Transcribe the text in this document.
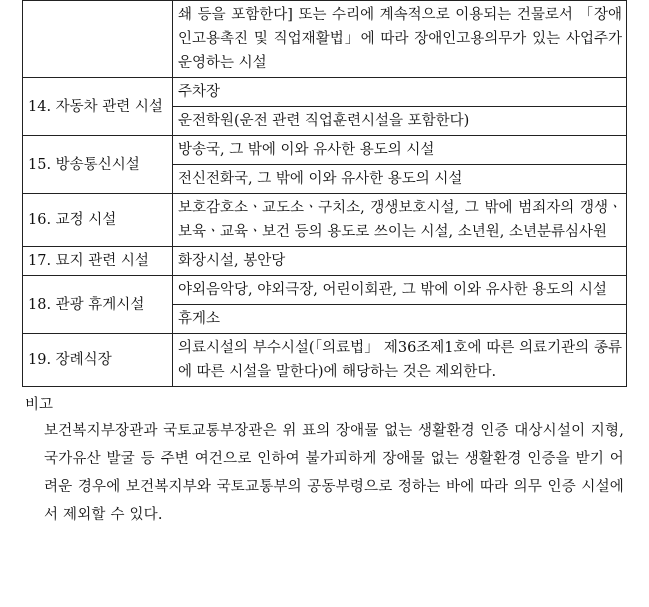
	쇄 등을 포함한다] 또는 수리에 계속적으로 이용되는 건물로서 「장애인고용촉진 및 직업재활법」에 따라 장애인고용의무가 있는 사업주가 운영하는 시설
14. 자동차 관련 시설	주차장
	운전학원(운전 관련 직업훈련시설을 포함한다)
15. 방송통신시설	방송국, 그 밖에 이와 유사한 용도의 시설
	전신전화국, 그 밖에 이와 유사한 용도의 시설
16. 교정 시설	보호감호소ㆍ교도소ㆍ구치소, 갱생보호시설, 그 밖에 범죄자의 갱생ㆍ보육ㆍ교육ㆍ보건 등의 용도로 쓰이는 시설, 소년원, 소년분류심사원
17. 묘지 관련 시설	화장시설, 봉안당
18. 관광 휴게시설	야외음악당, 야외극장, 어린이회관, 그 밖에 이와 유사한 용도의 시설
	휴게소
19. 장례식장	의료시설의 부수시설(「의료법」 제36조제1호에 따른 의료기관의 종류에 따른 시설을 말한다)에 해당하는 것은 제외한다.
비고
보건복지부장관과 국토교통부장관은 위 표의 장애물 없는 생활환경 인증 대상시설이 지형, 국가유산 발굴 등 주변 여건으로 인하여 불가피하게 장애물 없는 생활환경 인증을 받기 어려운 경우에 보건복지부와 국토교통부의 공동부령으로 정하는 바에 따라 의무 인증 시설에서 제외할 수 있다.
